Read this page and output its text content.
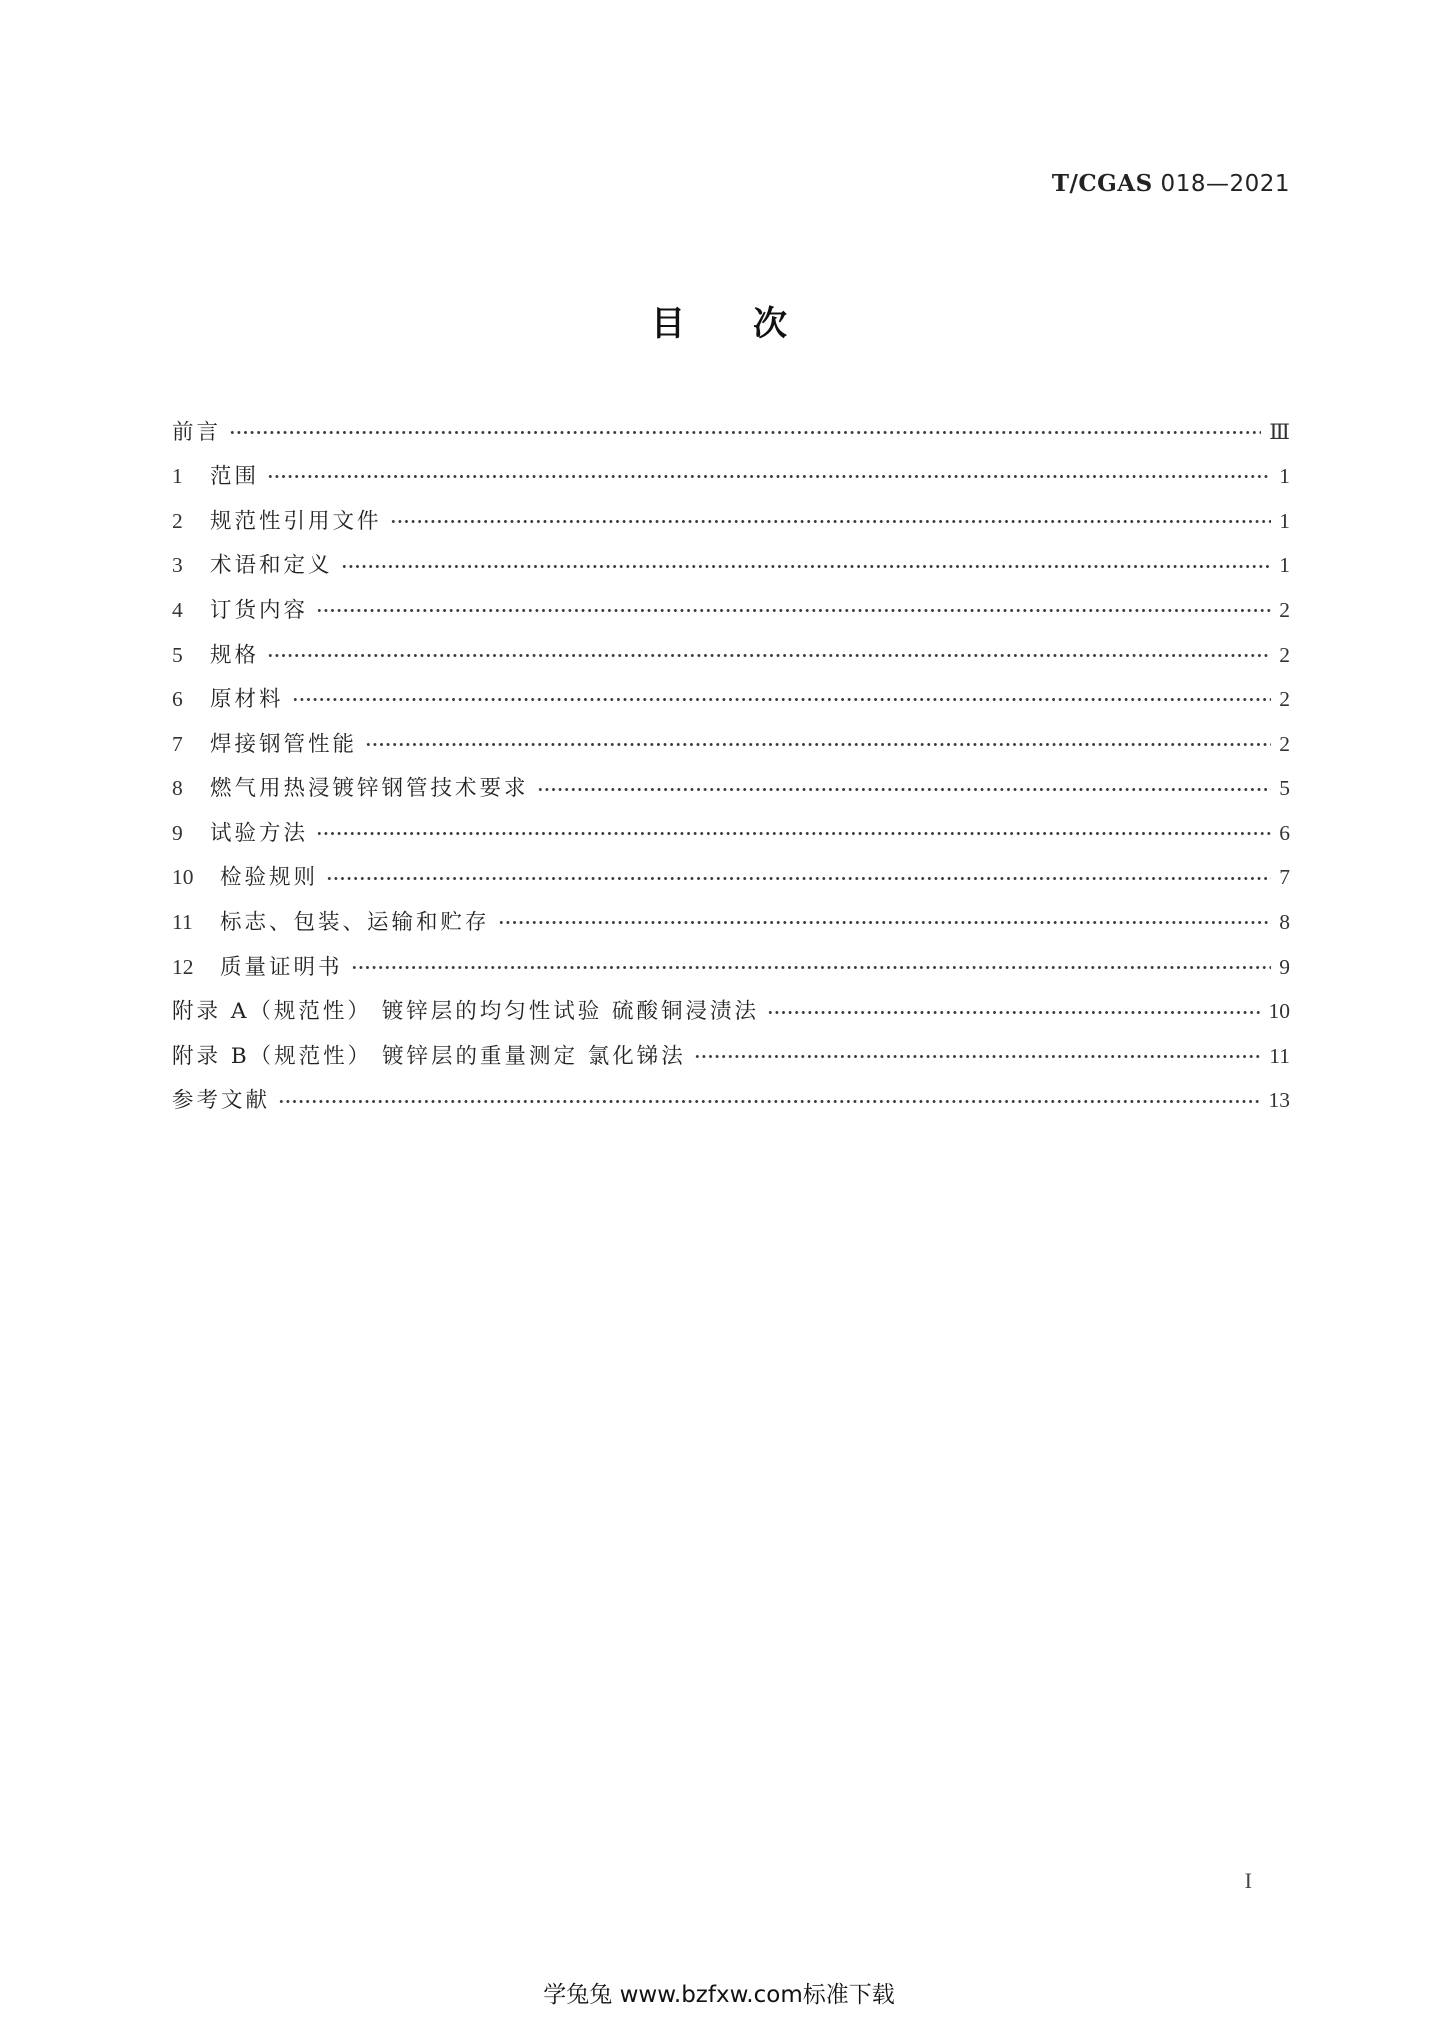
T/CGAS 018—2021
目次
前言	Ⅲ
1	范围	1
2	规范性引用文件	1
3	术语和定义	1
4	订货内容	2
5	规格	2
6	原材料	2
7	焊接钢管性能	2
8	燃气用热浸镀锌钢管技术要求	5
9	试验方法	6
10	检验规则	7
11	标志、包装、运输和贮存	8
12	质量证明书	9
附录 A（规范性） 镀锌层的均匀性试验 硫酸铜浸渍法	10
附录 B（规范性） 镀锌层的重量测定 氯化锑法	11
参考文献	13
I
学兔兔 www.bzfxw.com标准下载
